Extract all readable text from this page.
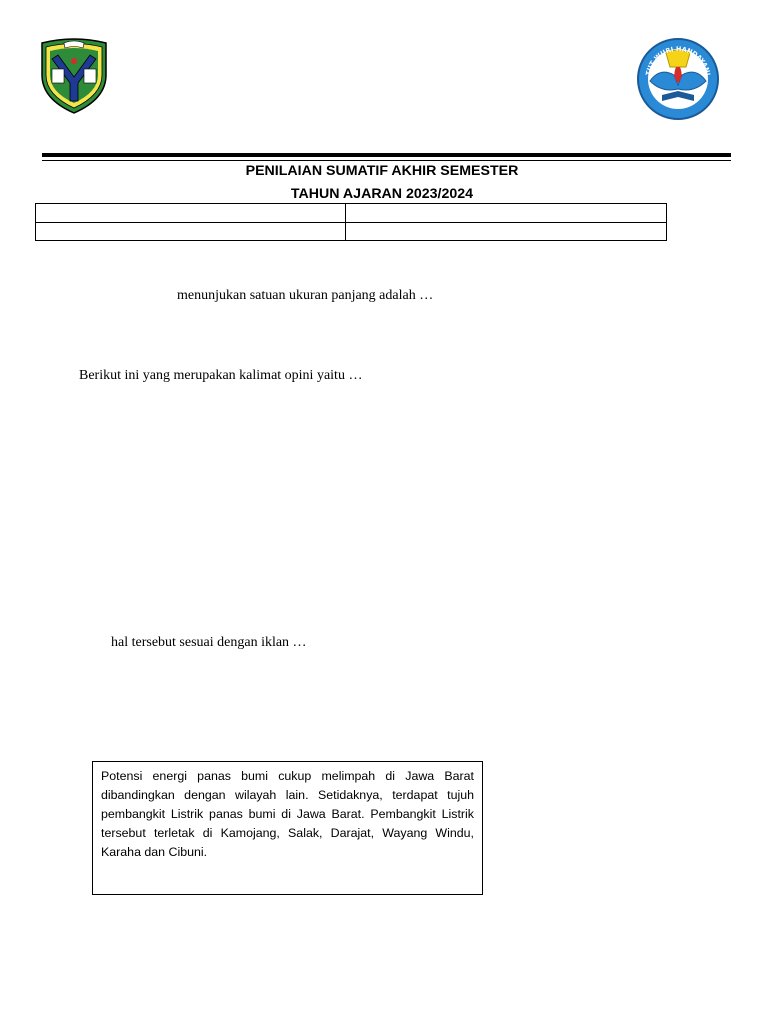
TUT WURI HANDAYANI
PENILAIAN SUMATIF AKHIR SEMESTER
TAHUN AJARAN 2023/2024

menunjukan satuan ukuran panjang adalah …
Berikut ini yang merupakan kalimat opini yaitu …
hal tersebut sesuai dengan iklan …
Potensi energi panas bumi cukup melimpah di Jawa Barat
dibandingkan dengan wilayah lain. Setidaknya, terdapat tujuh
pembangkit Listrik panas bumi di Jawa Barat. Pembangkit Listrik
tersebut terletak di Kamojang, Salak, Darajat, Wayang Windu,
Karaha dan Cibuni.
